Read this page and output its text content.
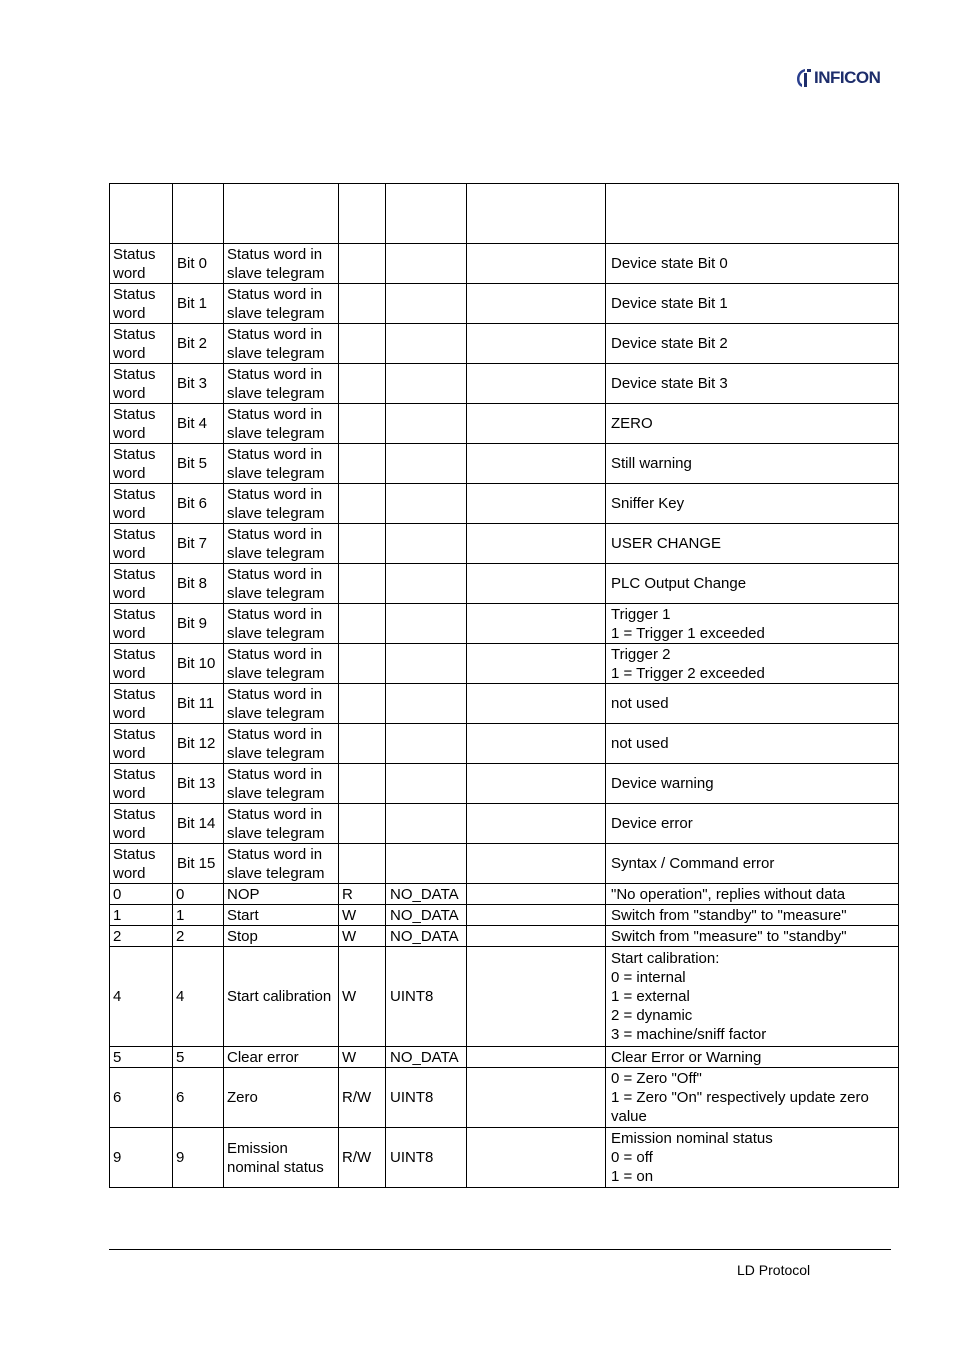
INFICON

Status word	Bit 0	Status word in slave telegram				Device state Bit 0
Status word	Bit 1	Status word in slave telegram				Device state Bit 1
Status word	Bit 2	Status word in slave telegram				Device state Bit 2
Status word	Bit 3	Status word in slave telegram				Device state Bit 3
Status word	Bit 4	Status word in slave telegram				ZERO
Status word	Bit 5	Status word in slave telegram				Still warning
Status word	Bit 6	Status word in slave telegram				Sniffer Key
Status word	Bit 7	Status word in slave telegram				USER CHANGE
Status word	Bit 8	Status word in slave telegram				PLC Output Change
Status word	Bit 9	Status word in slave telegram				Trigger 1
1 = Trigger 1 exceeded
Status word	Bit 10	Status word in slave telegram				Trigger 2
1 = Trigger 2 exceeded
Status word	Bit 11	Status word in slave telegram				not used
Status word	Bit 12	Status word in slave telegram				not used
Status word	Bit 13	Status word in slave telegram				Device warning
Status word	Bit 14	Status word in slave telegram				Device error
Status word	Bit 15	Status word in slave telegram				Syntax / Command error
0	0	NOP	R	NO_DATA		"No operation", replies without data
1	1	Start	W	NO_DATA		Switch from "standby" to "measure"
2	2	Stop	W	NO_DATA		Switch from "measure" to "standby"
4	4	Start calibration	W	UINT8		Start calibration:
0 = internal
1 = external
2 = dynamic
3 = machine/sniff factor
5	5	Clear error	W	NO_DATA		Clear Error or Warning
6	6	Zero	R/W	UINT8		0 = Zero "Off"
1 = Zero "On" respectively update zero value
9	9	Emission nominal status	R/W	UINT8		Emission nominal status
0 = off
1 = on
LD Protocol
